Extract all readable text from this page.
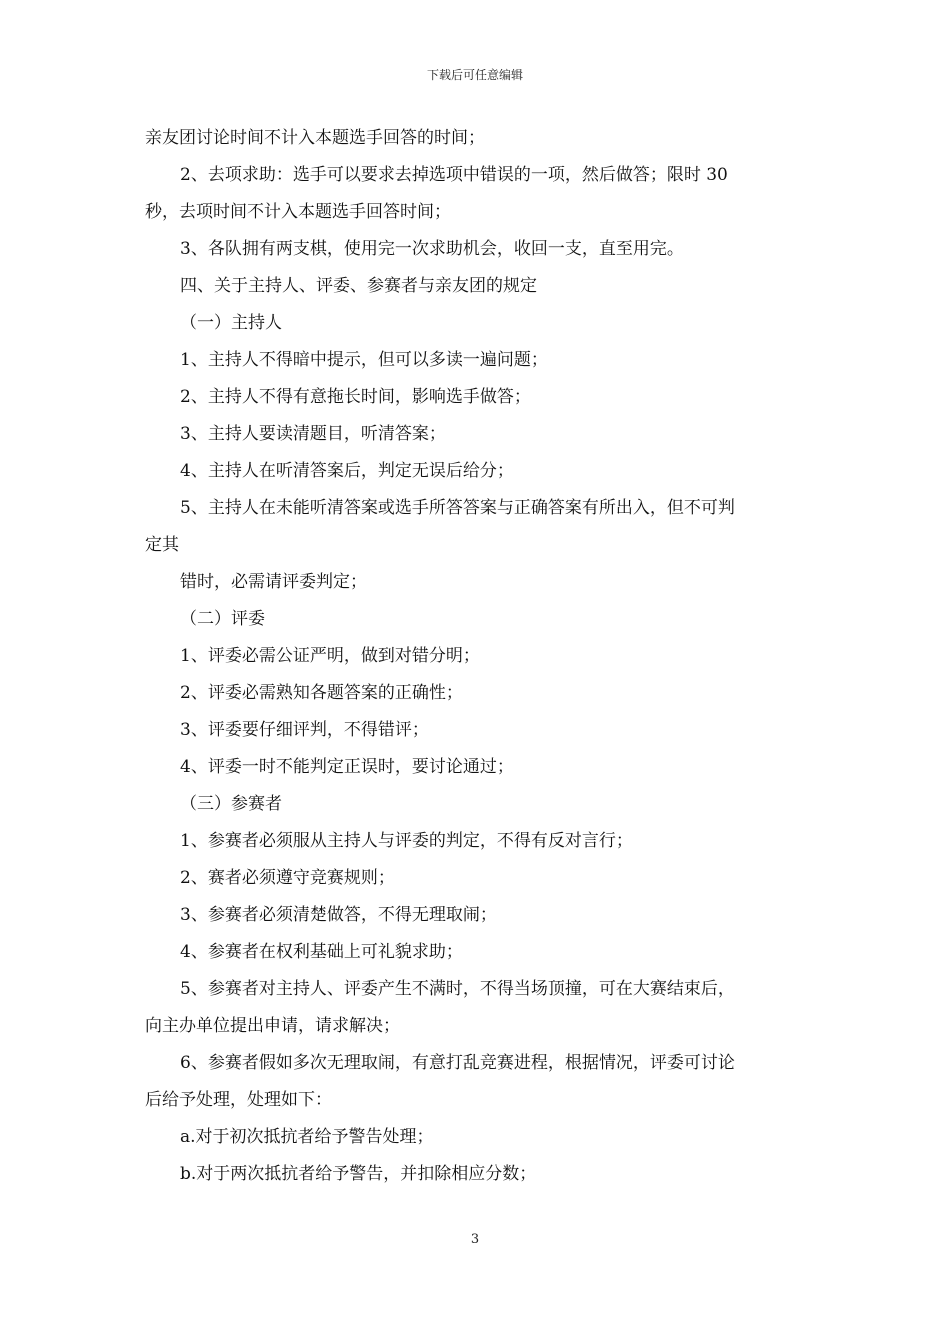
下载后可任意编辑
亲友团讨论时间不计入本题选手回答的时间；
2、去项求助：选手可以要求去掉选项中错误的一项，然后做答；限时 30
秒，去项时间不计入本题选手回答时间；
3、各队拥有两支棋，使用完一次求助机会，收回一支，直至用完。
四、关于主持人、评委、参赛者与亲友团的规定
（一）主持人
1、主持人不得暗中提示，但可以多读一遍问题；
2、主持人不得有意拖长时间，影响选手做答；
3、主持人要读清题目，听清答案；
4、主持人在听清答案后，判定无误后给分；
5、主持人在未能听清答案或选手所答答案与正确答案有所出入，但不可判
定其
错时，必需请评委判定；
（二）评委
1、评委必需公证严明，做到对错分明；
2、评委必需熟知各题答案的正确性；
3、评委要仔细评判，不得错评；
4、评委一时不能判定正误时，要讨论通过；
（三）参赛者
1、参赛者必须服从主持人与评委的判定，不得有反对言行；
2、赛者必须遵守竞赛规则；
3、参赛者必须清楚做答，不得无理取闹；
4、参赛者在权利基础上可礼貌求助；
5、参赛者对主持人、评委产生不满时，不得当场顶撞，可在大赛结束后，
向主办单位提出申请，请求解决；
6、参赛者假如多次无理取闹，有意打乱竞赛进程，根据情况，评委可讨论
后给予处理，处理如下：
a.对于初次抵抗者给予警告处理；
b.对于两次抵抗者给予警告，并扣除相应分数；
3
